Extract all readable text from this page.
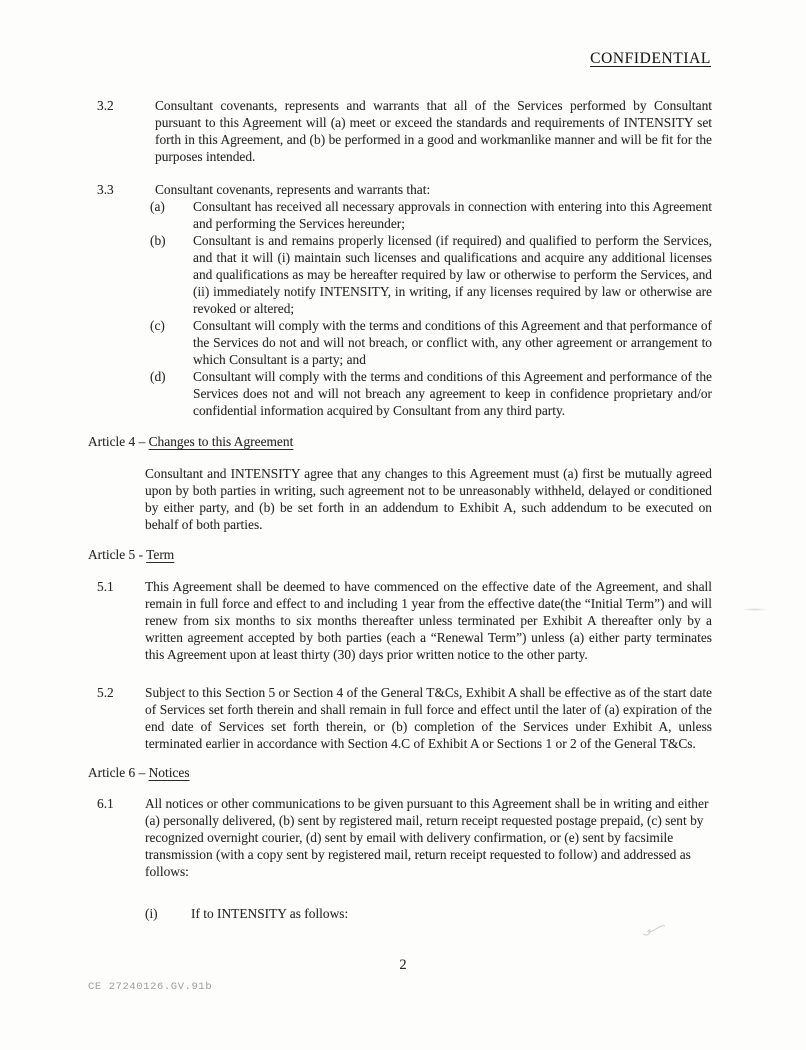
CONFIDENTIAL
3.2	Consultant covenants, represents and warrants that all of the Services performed by Consultant pursuant to this Agreement will (a) meet or exceed the standards and requirements of INTENSITY set forth in this Agreement, and (b) be performed in a good and workmanlike manner and will be fit for the purposes intended.
3.3	Consultant covenants, represents and warrants that:
(a)	Consultant has received all necessary approvals in connection with entering into this Agreement and performing the Services hereunder;
(b)	Consultant is and remains properly licensed (if required) and qualified to perform the Services, and that it will (i) maintain such licenses and qualifications and acquire any additional licenses and qualifications as may be hereafter required by law or otherwise to perform the Services, and (ii) immediately notify INTENSITY, in writing, if any licenses required by law or otherwise are revoked or altered;
(c)	Consultant will comply with the terms and conditions of this Agreement and that performance of the Services do not and will not breach, or conflict with, any other agreement or arrangement to which Consultant is a party; and
(d)	Consultant will comply with the terms and conditions of this Agreement and performance of the Services does not and will not breach any agreement to keep in confidence proprietary and/or confidential information acquired by Consultant from any third party.
Article 4 – Changes to this Agreement
Consultant and INTENSITY agree that any changes to this Agreement must (a) first be mutually agreed upon by both parties in writing, such agreement not to be unreasonably withheld, delayed or conditioned by either party, and (b) be set forth in an addendum to Exhibit A, such addendum to be executed on behalf of both parties.
Article 5 - Term
5.1	This Agreement shall be deemed to have commenced on the effective date of the Agreement, and shall remain in full force and effect to and including 1 year from the effective date(the “Initial Term”) and will renew from six months to six months thereafter unless terminated per Exhibit A thereafter only by a written agreement accepted by both parties (each a “Renewal Term”) unless (a) either party terminates this Agreement upon at least thirty (30) days prior written notice to the other party.
5.2	Subject to this Section 5 or Section 4 of the General T&Cs, Exhibit A shall be effective as of the start date of Services set forth therein and shall remain in full force and effect until the later of (a) expiration of the end date of Services set forth therein, or (b) completion of the Services under Exhibit A, unless terminated earlier in accordance with Section 4.C of Exhibit A or Sections 1 or 2 of the General T&Cs.
Article 6 – Notices
6.1	All notices or other communications to be given pursuant to this Agreement shall be in writing and either (a) personally delivered, (b) sent by registered mail, return receipt requested postage prepaid, (c) sent by recognized overnight courier, (d) sent by email with delivery confirmation, or (e) sent by facsimile transmission (with a copy sent by registered mail, return receipt requested to follow) and addressed as follows:
(i)	If to INTENSITY as follows:
2
CE 27240126.GV.91b
